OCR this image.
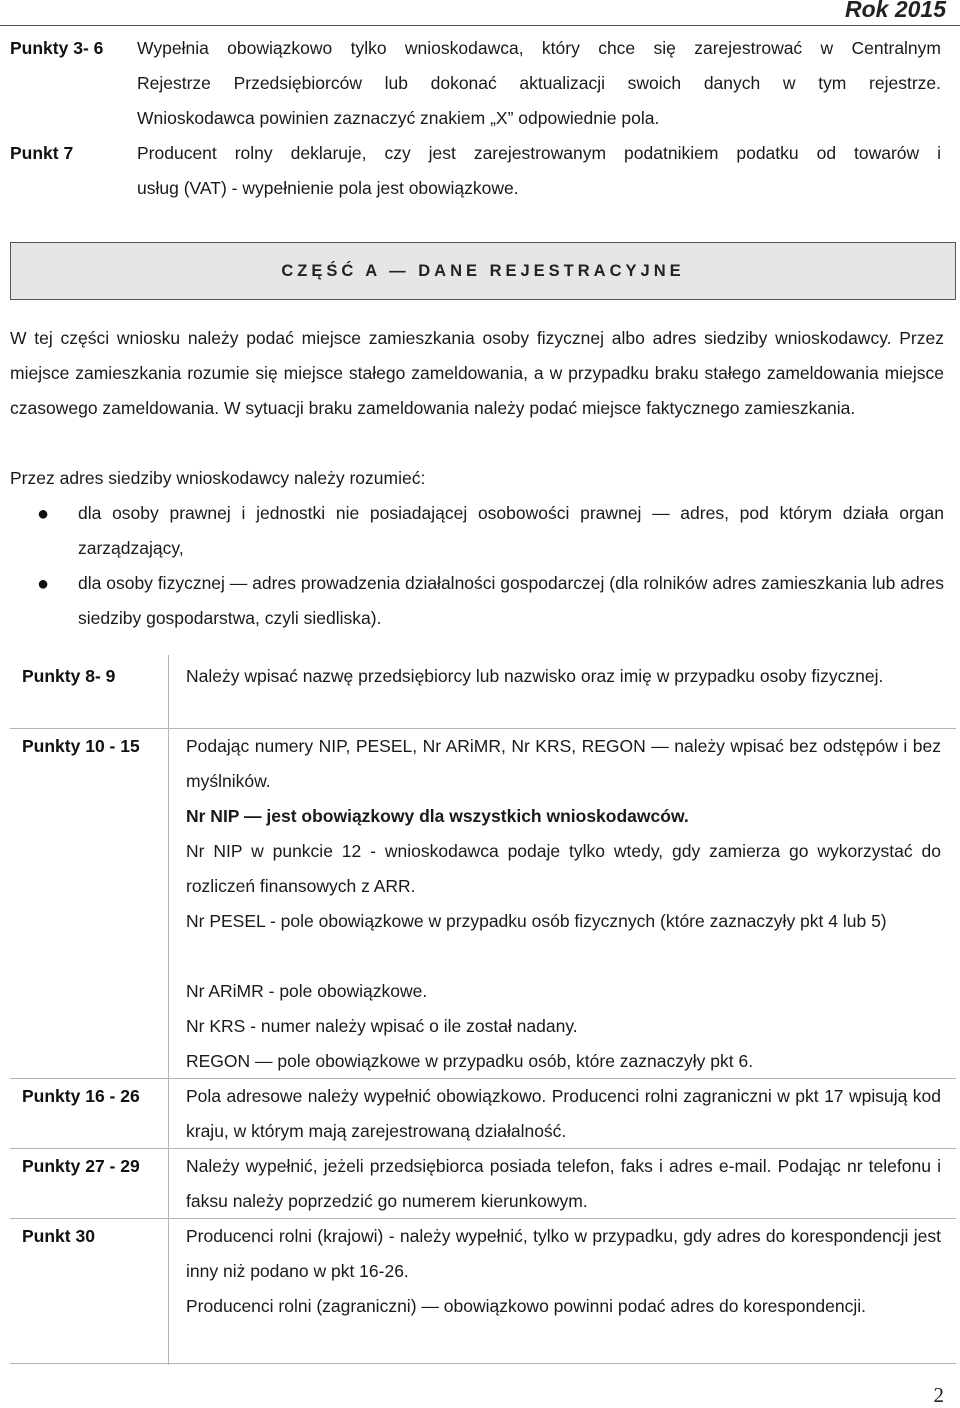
Rok 2015
Punkty 3- 6 Wypełnia obowiązkowo tylko wnioskodawca, który chce się zarejestrować w Centralnym
Rejestrze Przedsiębiorców lub dokonać aktualizacji swoich danych w tym rejestrze.
Wnioskodawca powinien zaznaczyć znakiem „X” odpowiednie pola.
Punkt 7	Producent rolny deklaruje, czy jest zarejestrowanym podatnikiem podatku od towarów i
usług (VAT) - wypełnienie pola jest obowiązkowe.
CZĘŚĆ A — DANE REJESTRACYJNE
W tej części wniosku należy podać miejsce zamieszkania osoby fizycznej albo adres siedziby wnioskodawcy. Przez miejsce zamieszkania rozumie się miejsce stałego zameldowania, a w przypadku braku stałego zameldowania miejsce czasowego zameldowania. W sytuacji braku zameldowania należy podać miejsce faktycznego zamieszkania.
Przez adres siedziby wnioskodawcy należy rozumieć:
● dla osoby prawnej i jednostki nie posiadającej osobowości prawnej — adres, pod którym działa organ zarządzający,
● dla osoby fizycznej — adres prowadzenia działalności gospodarczej (dla rolników adres zamieszkania lub adres siedziby gospodarstwa, czyli siedliska).
Punkty 8- 9	Należy wpisać nazwę przedsiębiorcy lub nazwisko oraz imię w przypadku osoby fizycznej.
Punkty 10 - 15	Podając numery NIP, PESEL, Nr ARiMR, Nr KRS, REGON — należy wpisać bez odstępów i bez myślników.
Nr NIP — jest obowiązkowy dla wszystkich wnioskodawców.
Nr NIP w punkcie 12 - wnioskodawca podaje tylko wtedy, gdy zamierza go wykorzystać do rozliczeń finansowych z ARR.
Nr PESEL - pole obowiązkowe w przypadku osób fizycznych (które zaznaczyły pkt 4 lub 5)
Nr ARiMR - pole obowiązkowe.
Nr KRS - numer należy wpisać o ile został nadany.
REGON — pole obowiązkowe w przypadku osób, które zaznaczyły pkt 6.
Punkty 16 - 26	Pola adresowe należy wypełnić obowiązkowo. Producenci rolni zagraniczni w pkt 17 wpisują kod kraju, w którym mają zarejestrowaną działalność.
Punkty 27 - 29	Należy wypełnić, jeżeli przedsiębiorca posiada telefon, faks i adres e-mail. Podając nr telefonu i faksu należy poprzedzić go numerem kierunkowym.
Punkt 30	Producenci rolni (krajowi) - należy wypełnić, tylko w przypadku, gdy adres do korespondencji jest inny niż podano w pkt 16-26.
Producenci rolni (zagraniczni) — obowiązkowo powinni podać adres do korespondencji.
2
